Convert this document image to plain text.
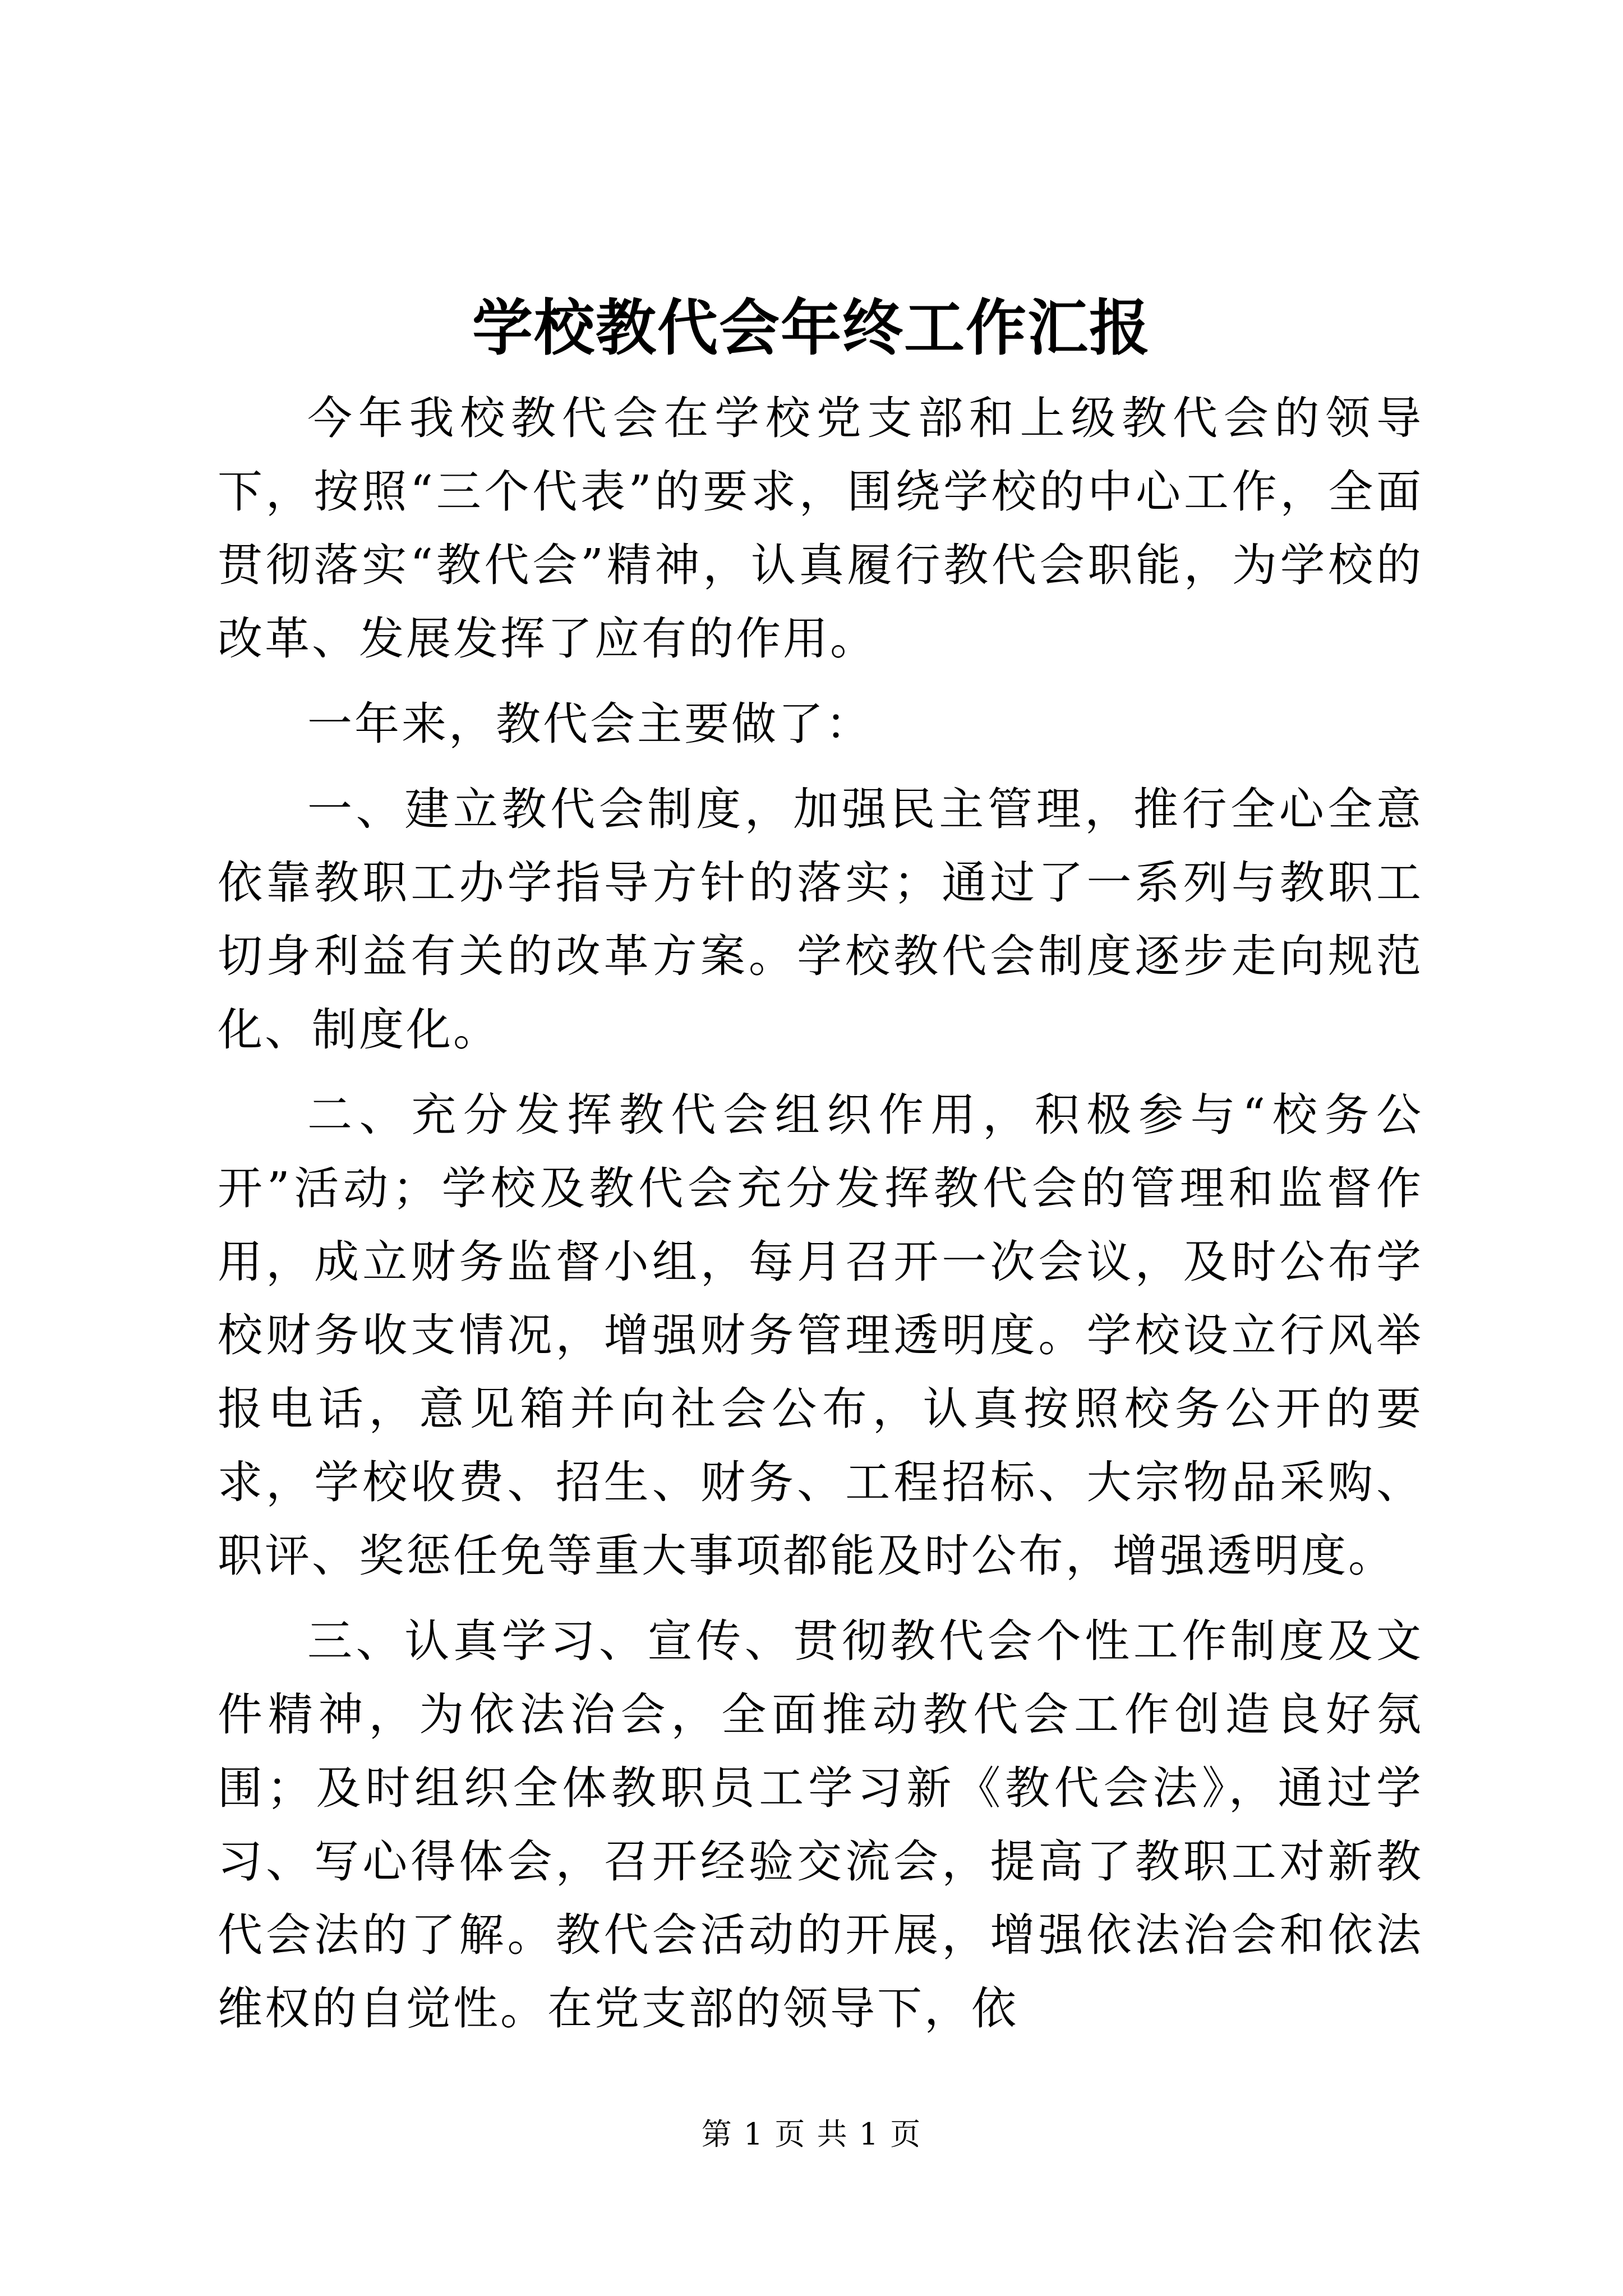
学校教代会年终工作汇报

今年我校教代会在学校党支部和上级教代会的领导下，按照“三个代表”的要求，围绕学校的中心工作，全面贯彻落实“教代会”精神，认真履行教代会职能，为学校的改革、发展发挥了应有的作用。

一年来，教代会主要做了：

一、建立教代会制度，加强民主管理，推行全心全意依靠教职工办学指导方针的落实；通过了一系列与教职工切身利益有关的改革方案。学校教代会制度逐步走向规范化、制度化。

二、充分发挥教代会组织作用，积极参与“校务公开”活动；学校及教代会充分发挥教代会的管理和监督作用，成立财务监督小组，每月召开一次会议，及时公布学校财务收支情况，增强财务管理透明度。学校设立行风举报电话，意见箱并向社会公布，认真按照校务公开的要求，学校收费、招生、财务、工程招标、大宗物品采购、职评、奖惩任免等重大事项都能及时公布，增强透明度。

三、认真学习、宣传、贯彻教代会个性工作制度及文件精神，为依法治会，全面推动教代会工作创造良好氛围；及时组织全体教职员工学习新《教代会法》，通过学习、写心得体会，召开经验交流会，提高了教职工对新教代会法的了解。教代会活动的开展，增强依法治会和依法维权的自觉性。在党支部的领导下，依

第 1 页 共 1 页
